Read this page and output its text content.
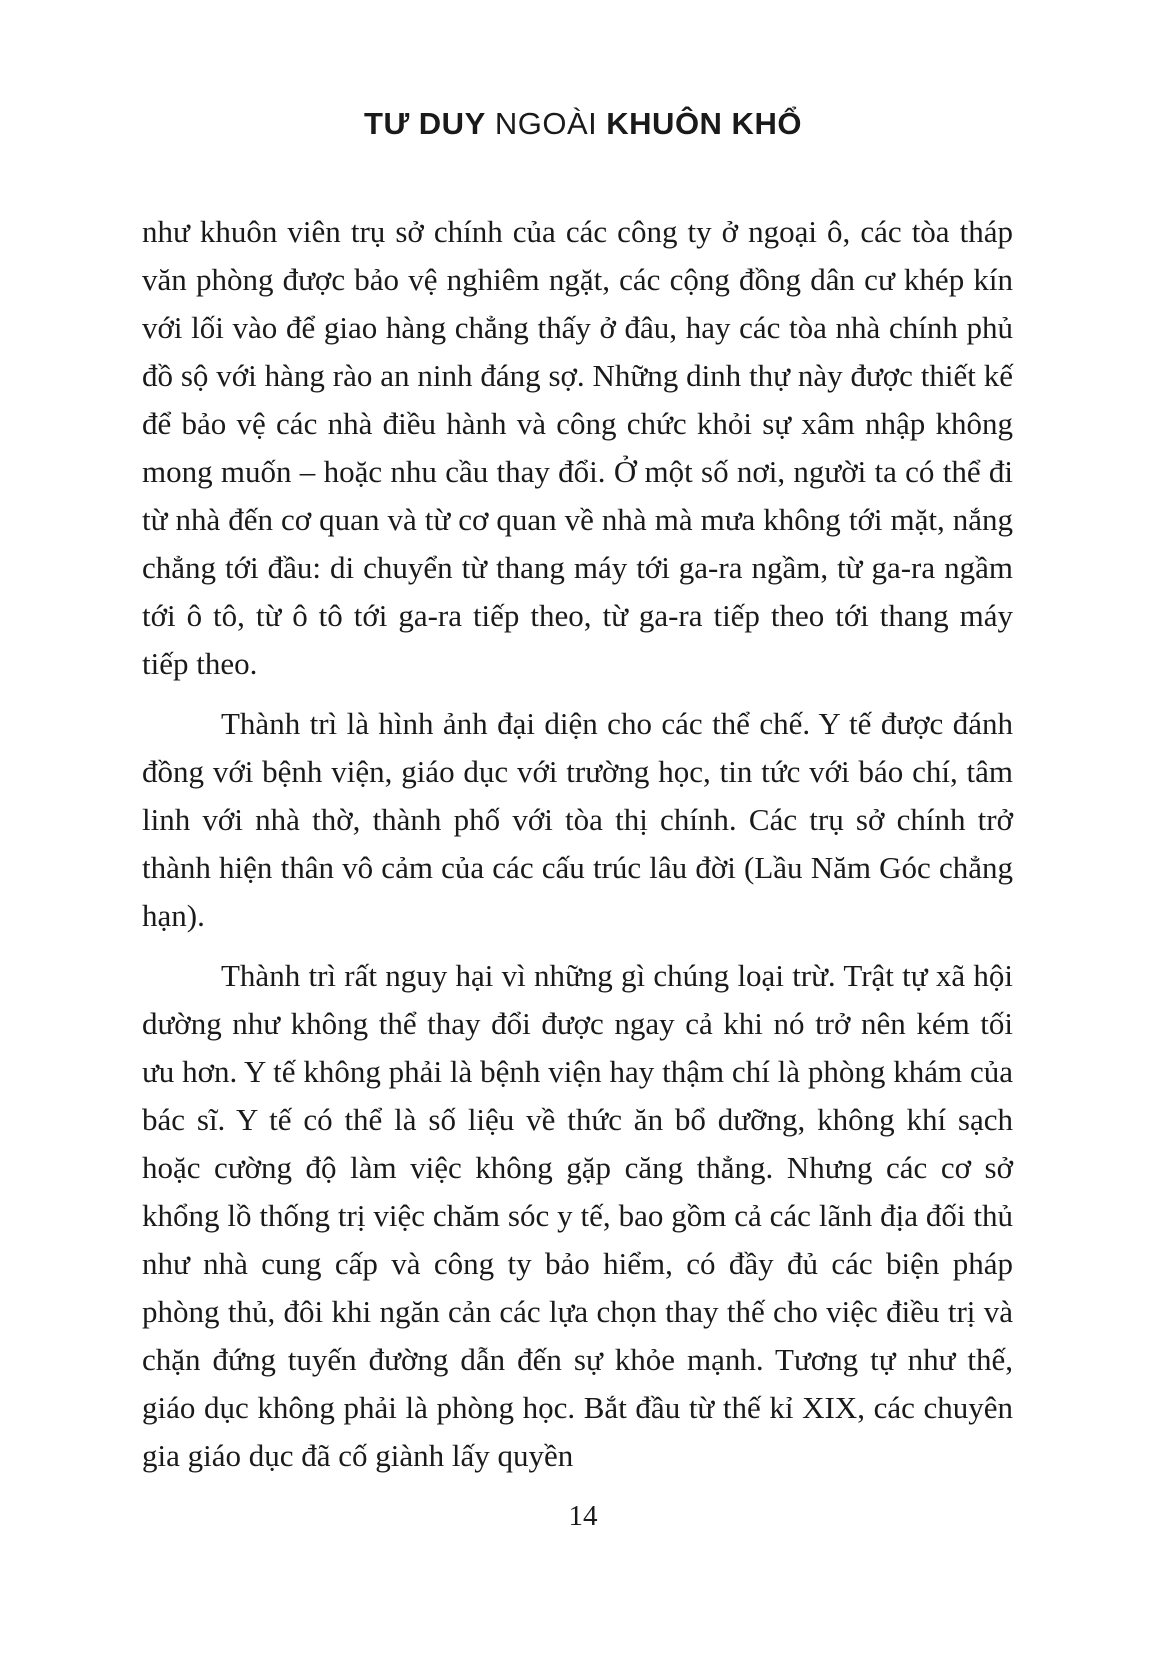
TƯ DUY NGOÀI KHUÔN KHỔ

như khuôn viên trụ sở chính của các công ty ở ngoại ô, các tòa tháp văn phòng được bảo vệ nghiêm ngặt, các cộng đồng dân cư khép kín với lối vào để giao hàng chẳng thấy ở đâu, hay các tòa nhà chính phủ đồ sộ với hàng rào an ninh đáng sợ. Những dinh thự này được thiết kế để bảo vệ các nhà điều hành và công chức khỏi sự xâm nhập không mong muốn – hoặc nhu cầu thay đổi. Ở một số nơi, người ta có thể đi từ nhà đến cơ quan và từ cơ quan về nhà mà mưa không tới mặt, nắng chẳng tới đầu: di chuyển từ thang máy tới ga-ra ngầm, từ ga-ra ngầm tới ô tô, từ ô tô tới ga-ra tiếp theo, từ ga-ra tiếp theo tới thang máy tiếp theo.

Thành trì là hình ảnh đại diện cho các thể chế. Y tế được đánh đồng với bệnh viện, giáo dục với trường học, tin tức với báo chí, tâm linh với nhà thờ, thành phố với tòa thị chính. Các trụ sở chính trở thành hiện thân vô cảm của các cấu trúc lâu đời (Lầu Năm Góc chẳng hạn).

Thành trì rất nguy hại vì những gì chúng loại trừ. Trật tự xã hội dường như không thể thay đổi được ngay cả khi nó trở nên kém tối ưu hơn. Y tế không phải là bệnh viện hay thậm chí là phòng khám của bác sĩ. Y tế có thể là số liệu về thức ăn bổ dưỡng, không khí sạch hoặc cường độ làm việc không gặp căng thẳng. Nhưng các cơ sở khổng lồ thống trị việc chăm sóc y tế, bao gồm cả các lãnh địa đối thủ như nhà cung cấp và công ty bảo hiểm, có đầy đủ các biện pháp phòng thủ, đôi khi ngăn cản các lựa chọn thay thế cho việc điều trị và chặn đứng tuyến đường dẫn đến sự khỏe mạnh. Tương tự như thế, giáo dục không phải là phòng học. Bắt đầu từ thế kỉ XIX, các chuyên gia giáo dục đã cố giành lấy quyền

14
